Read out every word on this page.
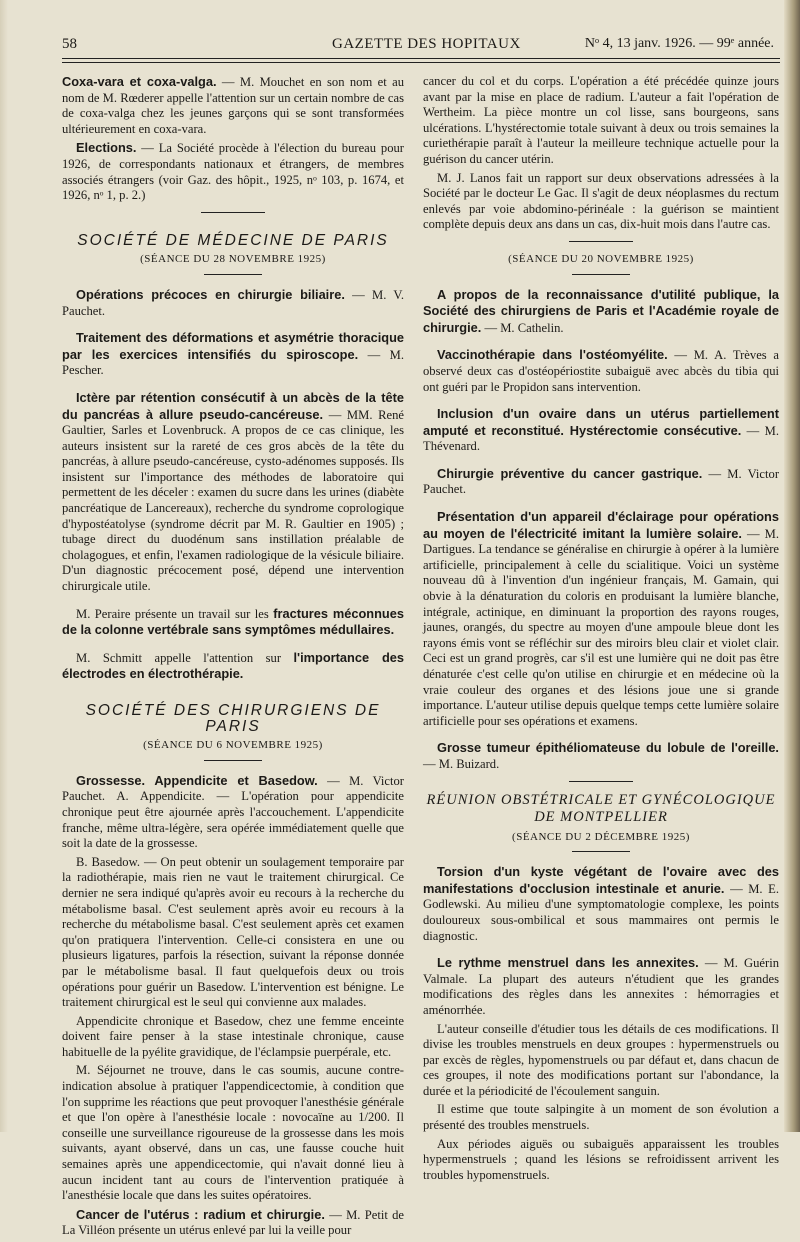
58	GAZETTE DES HOPITAUX	Nᵒ 4, 13 janv. 1926. — 99ᵉ année.

Coxa-vara et coxa-valga. — M. Mouchet en son nom et au nom de M. Rœderer appelle l'attention sur un certain nombre de cas de coxa-valga chez les jeunes garçons qui se sont transformées ultérieurement en coxa-vara.

Elections. — La Société procède à l'élection du bureau pour 1926, de correspondants nationaux et étrangers, de membres associés étrangers (voir Gaz. des hôpit., 1925, nᵒ 103, p. 1674, et 1926, nᵒ 1, p. 2.)

SOCIÉTÉ DE MÉDECINE DE PARIS
(SÉANCE DU 28 NOVEMBRE 1925)

Opérations précoces en chirurgie biliaire. — M. V. Pauchet.

Traitement des déformations et asymétrie thoracique par les exercices intensifiés du spiroscope. — M. Pescher.

Ictère par rétention consécutif à un abcès de la tête du pancréas à allure pseudo-cancéreuse. — MM. René Gaultier, Sarles et Lovenbruck. A propos de ce cas clinique, les auteurs insistent sur la rareté de ces gros abcès de la tête du pancréas, à allure pseudo-cancéreuse, cysto-adénomes supposés. Ils insistent sur l'importance des méthodes de laboratoire qui permettent de les déceler : examen du sucre dans les urines (diabète pancréatique de Lancereaux), recherche du syndrome coprologique d'hypostéatolyse (syndrome décrit par M. R. Gaultier en 1905) ; tubage direct du duodénum sans instillation préalable de cholagogues, et enfin, l'examen radiologique de la vésicule biliaire. D'un diagnostic précocement posé, dépend une intervention chirurgicale utile.

M. Peraire présente un travail sur les fractures méconnues de la colonne vertébrale sans symptômes médullaires.

M. Schmitt appelle l'attention sur l'importance des électrodes en électrothérapie.

SOCIÉTÉ DES CHIRURGIENS DE PARIS
(SÉANCE DU 6 NOVEMBRE 1925)

Grossesse. Appendicite et Basedow. — M. Victor Pauchet. A. Appendicite. — L'opération pour appendicite chronique peut être ajournée après l'accouchement. L'appendicite franche, même ultra-légère, sera opérée immédiatement quelle que soit la date de la grossesse.

B. Basedow. — On peut obtenir un soulagement temporaire par la radiothérapie, mais rien ne vaut le traitement chirurgical. Ce dernier ne sera indiqué qu'après avoir eu recours à la recherche du métabolisme basal. C'est seulement après avoir eu recours à la recherche du métabolisme basal. C'est seulement après cet examen qu'on pratiquera l'intervention. Celle-ci consistera en une ou plusieurs ligatures, parfois la résection, suivant la réponse donnée par le métabolisme basal. Il faut quelquefois deux ou trois opérations pour guérir un Basedow. L'intervention est bénigne. Le traitement chirurgical est le seul qui convienne aux malades.

Appendicite chronique et Basedow, chez une femme enceinte doivent faire penser à la stase intestinale chronique, cause habituelle de la pyélite gravidique, de l'éclampsie puerpérale, etc.

M. Séjournet ne trouve, dans le cas soumis, aucune contre-indication absolue à pratiquer l'appendicectomie, à condition que l'on supprime les réactions que peut provoquer l'anesthésie générale et que l'on opère à l'anesthésie locale : novocaïne au 1/200. Il conseille une surveillance rigoureuse de la grossesse dans les mois suivants, ayant observé, dans un cas, une fausse couche huit semaines après une appendicectomie, qui n'avait donné lieu à aucun incident tant au cours de l'intervention pratiquée à l'anesthésie locale que dans les suites opératoires.

Cancer de l'utérus : radium et chirurgie. — M. Petit de La Villéon présente un utérus enlevé par lui la veille pour

cancer du col et du corps. L'opération a été précédée quinze jours avant par la mise en place de radium. L'auteur a fait l'opération de Wertheim. La pièce montre un col lisse, sans bourgeons, sans ulcérations. L'hystérectomie totale suivant à deux ou trois semaines la curiethérapie paraît à l'auteur la meilleure technique actuelle pour la guérison du cancer utérin.

M. J. Lanos fait un rapport sur deux observations adressées à la Société par le docteur Le Gac. Il s'agit de deux néoplasmes du rectum enlevés par voie abdomino-périnéale : la guérison se maintient complète depuis deux ans dans un cas, dix-huit mois dans l'autre cas.

(SÉANCE DU 20 NOVEMBRE 1925)

A propos de la reconnaissance d'utilité publique, la Société des chirurgiens de Paris et l'Académie royale de chirurgie. — M. Cathelin.

Vaccinothérapie dans l'ostéomyélite. — M. A. Trèves a observé deux cas d'ostéopériostite subaiguë avec abcès du tibia qui ont guéri par le Propidon sans intervention.

Inclusion d'un ovaire dans un utérus partiellement amputé et reconstitué. Hystérectomie consécutive. — M. Thévenard.

Chirurgie préventive du cancer gastrique. — M. Victor Pauchet.

Présentation d'un appareil d'éclairage pour opérations au moyen de l'électricité imitant la lumière solaire. — M. Dartigues. La tendance se généralise en chirurgie à opérer à la lumière artificielle, principalement à celle du scialitique. Voici un système nouveau dû à l'invention d'un ingénieur français, M. Gamain, qui obvie à la dénaturation du coloris en produisant la lumière blanche, intégrale, actinique, en diminuant la proportion des rayons rouges, jaunes, orangés, du spectre au moyen d'une ampoule bleue dont les rayons émis vont se réfléchir sur des miroirs bleu clair et violet clair. Ceci est un grand progrès, car s'il est une lumière qui ne doit pas être dénaturée c'est celle qu'on utilise en chirurgie et en médecine où la vraie couleur des organes et des lésions joue une si grande importance. L'auteur utilise depuis quelque temps cette lumière solaire artificielle pour ses opérations et examens.

Grosse tumeur épithéliomateuse du lobule de l'oreille. — M. Buizard.

RÉUNION OBSTÉTRICALE ET GYNÉCOLOGIQUE
DE MONTPELLIER
(SÉANCE DU 2 DÉCEMBRE 1925)

Torsion d'un kyste végétant de l'ovaire avec des manifestations d'occlusion intestinale et anurie. — M. E. Godlewski. Au milieu d'une symptomatologie complexe, les points douloureux sous-ombilical et sous mammaires ont permis le diagnostic.

Le rythme menstruel dans les annexites. — M. Guérin Valmale. La plupart des auteurs n'étudient que les grandes modifications des règles dans les annexites : hémorragies et aménorrhée.

L'auteur conseille d'étudier tous les détails de ces modifications. Il divise les troubles menstruels en deux groupes : hypermenstruels ou par excès de règles, hypomenstruels ou par défaut et, dans chacun de ces groupes, il note des modifications portant sur l'abondance, la durée et la périodicité de l'écoulement sanguin.

Il estime que toute salpingite à un moment de son évolution a présenté des troubles menstruels.

Aux périodes aiguës ou subaiguës apparaissent les troubles hypermenstruels ; quand les lésions se refroidissent arrivent les troubles hypomenstruels.
